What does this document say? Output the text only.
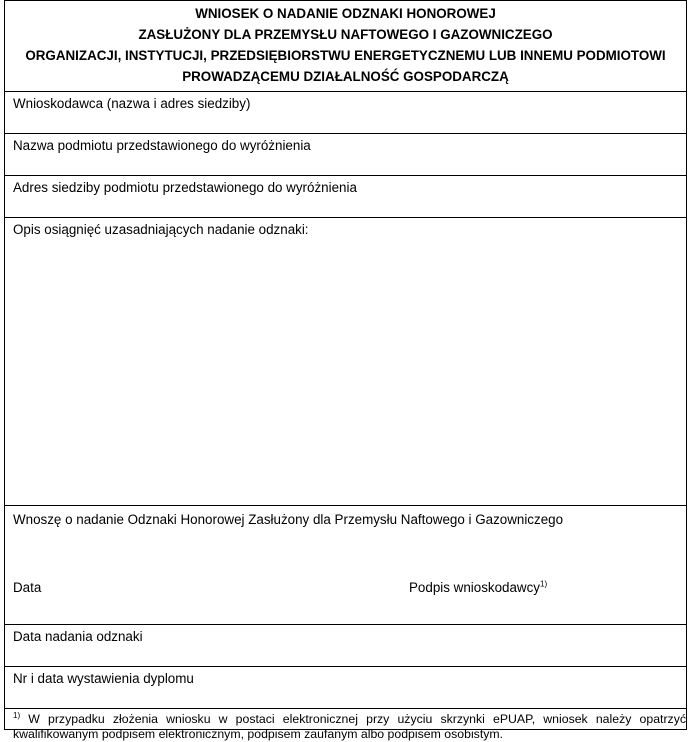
WNIOSEK O NADANIE ODZNAKI HONOROWEJ
ZASŁUŻONY DLA PRZEMYSŁU NAFTOWEGO I GAZOWNICZEGO
ORGANIZACJI, INSTYTUCJI, PRZEDSIĘBIORSTWU ENERGETYCZNEMU LUB INNEMU PODMIOTOWI
PROWADZĄCEMU DZIAŁALNOŚĆ GOSPODARCZĄ
Wnioskodawca (nazwa i adres siedziby)
Nazwa podmiotu przedstawionego do wyróżnienia
Adres siedziby podmiotu przedstawionego do wyróżnienia
Opis osiągnięć uzasadniających nadanie odznaki:
Wnoszę o nadanie Odznaki Honorowej Zasłużony dla Przemysłu Naftowego i Gazowniczego
Data	Podpis wnioskodawcy$^{1)}$
Data nadania odznaki
Nr i data wystawienia dyplomu
$^{1)}$ W przypadku złożenia wniosku w postaci elektronicznej przy użyciu skrzynki ePUAP, wniosek należy opatrzyć kwalifikowanym podpisem elektronicznym, podpisem zaufanym albo podpisem osobistym.
